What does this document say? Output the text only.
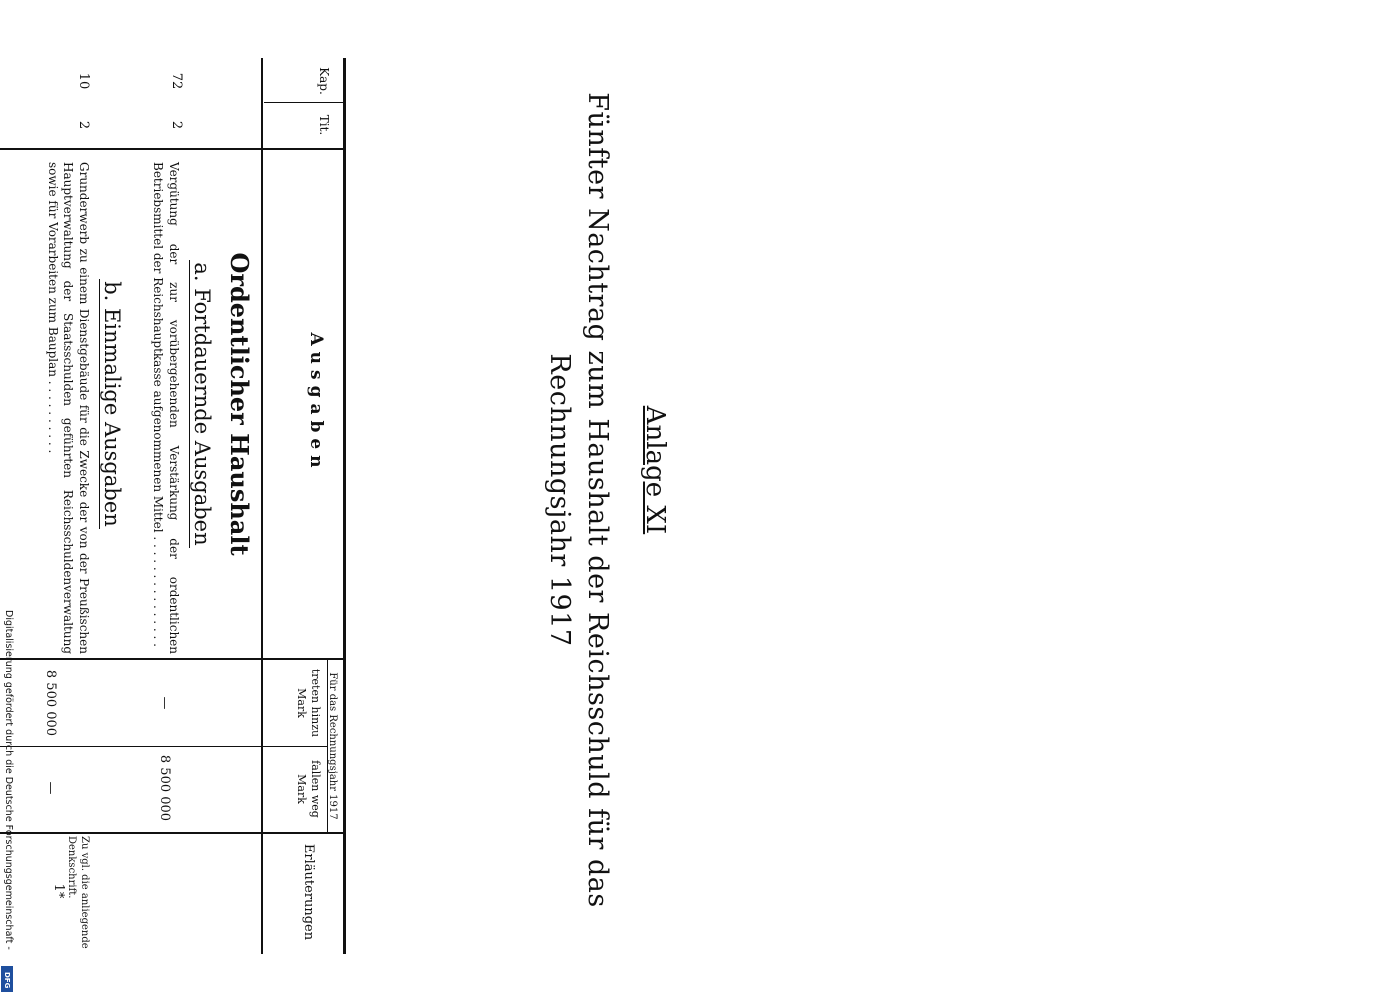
Anlage XI
Fünfter Nachtrag zum Haushalt der Reichsschuld für das Rechnungsjahr 1917
Kap.
Tit.
Ausgaben
Für das Rechnungsjahr 1917
treten hinzu Mark
fallen weg Mark
Erläuterungen
Ordentlicher Haushalt
a. Fortdauernde Ausgaben
72
2
Vergütung der zur vorübergehenden Verstärkung der ordentlichen Betriebsmittel der Reichshauptkasse aufgenommenen Mittel . . . . . . . . . . . . . . .
—
8 500 000
b. Einmalige Ausgaben
10
2
Grunderwerb zu einem Dienstgebäude für die Zwecke der von der Preußischen Hauptverwaltung der Staatsschulden geführten Reichsschuldenverwaltung sowie für Vorarbeiten zum Bauplan . . . . . . . . . .
8 500 000
—
Zu vgl. die anliegende Denkschrift.
1*
Digitalisierung gefördert durch die Deutsche Forschungsgemeinschaft -
DFG
